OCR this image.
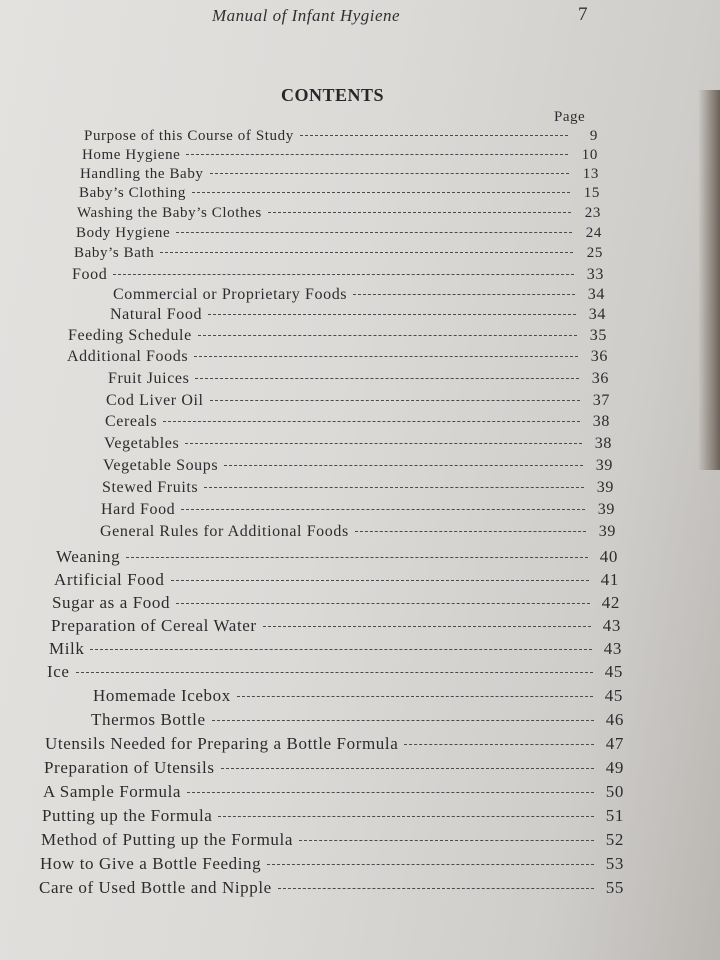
Manual of Infant Hygiene	7
CONTENTS
Page
Purpose of this Course of Study	9
Home Hygiene	10
Handling the Baby	13
Baby’s Clothing	15
Washing the Baby’s Clothes	23
Body Hygiene	24
Baby’s Bath	25
Food	33
Commercial or Proprietary Foods	34
Natural Food	34
Feeding Schedule	35
Additional Foods	36
Fruit Juices	36
Cod Liver Oil	37
Cereals	38
Vegetables	38
Vegetable Soups	39
Stewed Fruits	39
Hard Food	39
General Rules for Additional Foods	39
Weaning	40
Artificial Food	41
Sugar as a Food	42
Preparation of Cereal Water	43
Milk	43
Ice	45
Homemade Icebox	45
Thermos Bottle	46
Utensils Needed for Preparing a Bottle Formula	47
Preparation of Utensils	49
A Sample Formula	50
Putting up the Formula	51
Method of Putting up the Formula	52
How to Give a Bottle Feeding	53
Care of Used Bottle and Nipple	55
